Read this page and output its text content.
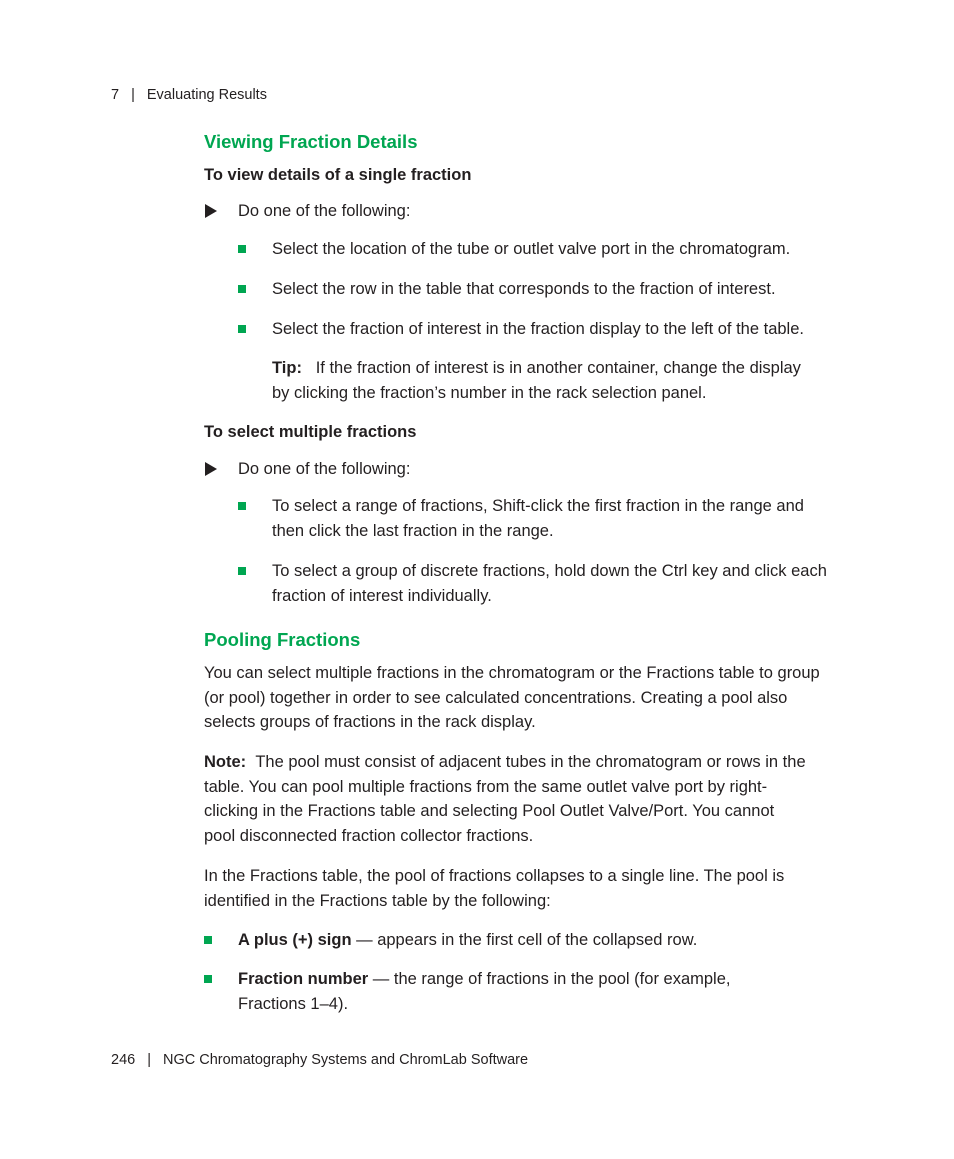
7 | Evaluating Results
Viewing Fraction Details
To view details of a single fraction
Do one of the following:
Select the location of the tube or outlet valve port in the chromatogram.
Select the row in the table that corresponds to the fraction of interest.
Select the fraction of interest in the fraction display to the left of the table.
Tip: If the fraction of interest is in another container, change the display by clicking the fraction’s number in the rack selection panel.
To select multiple fractions
Do one of the following:
To select a range of fractions, Shift-click the first fraction in the range and then click the last fraction in the range.
To select a group of discrete fractions, hold down the Ctrl key and click each fraction of interest individually.
Pooling Fractions
You can select multiple fractions in the chromatogram or the Fractions table to group (or pool) together in order to see calculated concentrations. Creating a pool also selects groups of fractions in the rack display.
Note: The pool must consist of adjacent tubes in the chromatogram or rows in the table. You can pool multiple fractions from the same outlet valve port by right-clicking in the Fractions table and selecting Pool Outlet Valve/Port. You cannot pool disconnected fraction collector fractions.
In the Fractions table, the pool of fractions collapses to a single line. The pool is identified in the Fractions table by the following:
A plus (+) sign — appears in the first cell of the collapsed row.
Fraction number — the range of fractions in the pool (for example, Fractions 1–4).
246 | NGC Chromatography Systems and ChromLab Software
